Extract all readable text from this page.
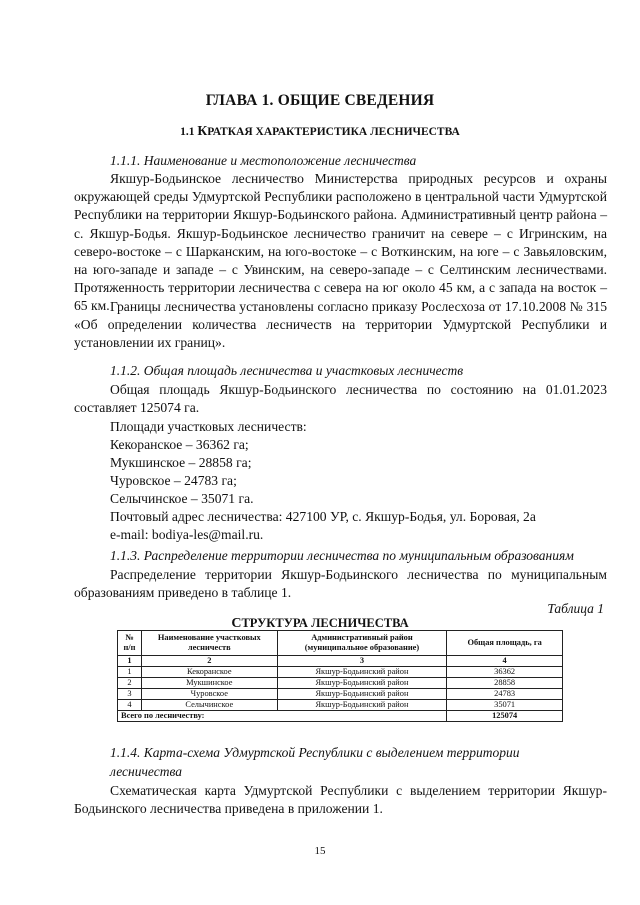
ГЛАВА 1. ОБЩИЕ СВЕДЕНИЯ
1.1 КРАТКАЯ ХАРАКТЕРИСТИКА ЛЕСНИЧЕСТВА
1.1.1. Наименование и местоположение лесничества

Якшур-Бодьинское лесничество Министерства природных ресурсов и охраны окружающей среды Удмуртской Республики расположено в центральной части Удмуртской Республики на территории Якшур-Бодьинского района. Административный центр района – с. Якшур-Бодья. Якшур-Бодьинское лесничество граничит на севере – с Игринским, на северо-востоке – с Шарканским, на юго-востоке – с Воткинским, на юге – с Завьяловским, на юго-западе и западе – с Увинским, на северо-западе – с Селтинским лесничествами. Протяженность территории лесничества с севера на юг около 45 км, а с запада на восток – 65 км. Границы лесничества установлены согласно приказу Рослесхоза от 17.10.2008 № 315 «Об определении количества лесничеств на территории Удмуртской Республики и установлении их границ».

1.1.2. Общая площадь лесничества и участковых лесничеств

Общая площадь Якшур-Бодьинского лесничества по состоянию на 01.01.2023 составляет 125074 га.

Площади участковых лесничеств:
Кекоранское – 36362 га;
Мукшинское – 28858 га;
Чуровское – 24783 га;
Селычинское – 35071 га.
Почтовый адрес лесничества: 427100 УР, с. Якшур-Бодья, ул. Боровая, 2а
e-mail: bodiya-les@mail.ru.
1.1.3. Распределение территории лесничества по муниципальным образованиям

Распределение территории Якшур-Бодьинского лесничества по муниципальным образованиям приведено в таблице 1.

Таблица 1
СТРУКТУРА ЛЕСНИЧЕСТВА
№ п/п	Наименование участковых лесничеств	Административный район (муниципальное образование)	Общая площадь, га
1	2	3	4
1	Кекоранское	Якшур-Бодьинский район	36362
2	Мукшинское	Якшур-Бодьинский район	28858
3	Чуровское	Якшур-Бодьинский район	24783
4	Селычинское	Якшур-Бодьинский район	35071
Всего по лесничеству:			125074
1.1.4. Карта-схема Удмуртской Республики с выделением территории
лесничества

Схематическая карта Удмуртской Республики с выделением территории Якшур-Бодьинского лесничества приведена в приложении 1.

15
